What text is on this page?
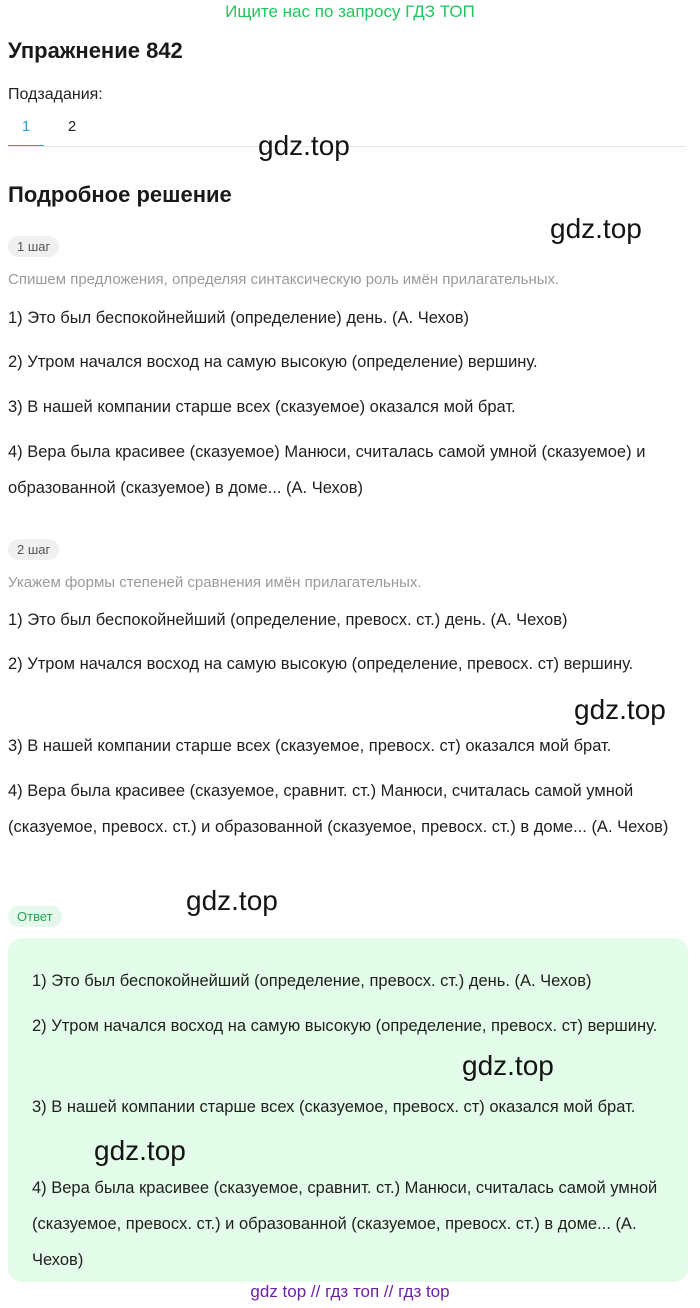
Ищите нас по запросу ГДЗ ТОП
Упражнение 842
Подзадания:
1	2
gdz.top
Подробное решение
gdz.top
1 шаг
Спишем предложения, определяя синтаксическую роль имён прилагательных.
1) Это был беспокойнейший (определение) день. (А. Чехов)
2) Утром начался восход на самую высокую (определение) вершину.
3) В нашей компании старше всех (сказуемое) оказался мой брат.
4) Вера была красивее (сказуемое) Манюси, считалась самой умной (сказуемое) и образованной (сказуемое) в доме... (А. Чехов)
2 шаг
Укажем формы степеней сравнения имён прилагательных.
1) Это был беспокойнейший (определение, превосх. ст.) день. (А. Чехов)
2) Утром начался восход на самую высокую (определение, превосх. ст) вершину.
gdz.top
3) В нашей компании старше всех (сказуемое, превосх. ст) оказался мой брат.
4) Вера была красивее (сказуемое, сравнит. ст.) Манюси, считалась самой умной (сказуемое, превосх. ст.) и образованной (сказуемое, превосх. ст.) в доме... (А. Чехов)
Ответ
gdz.top
1) Это был беспокойнейший (определение, превосх. ст.) день. (А. Чехов)
2) Утром начался восход на самую высокую (определение, превосх. ст) вершину.
gdz.top
3) В нашей компании старше всех (сказуемое, превосх. ст) оказался мой брат.
gdz.top
4) Вера была красивее (сказуемое, сравнит. ст.) Манюси, считалась самой умной (сказуемое, превосх. ст.) и образованной (сказуемое, превосх. ст.) в доме... (А. Чехов)
gdz top // гдз топ // гдз top
